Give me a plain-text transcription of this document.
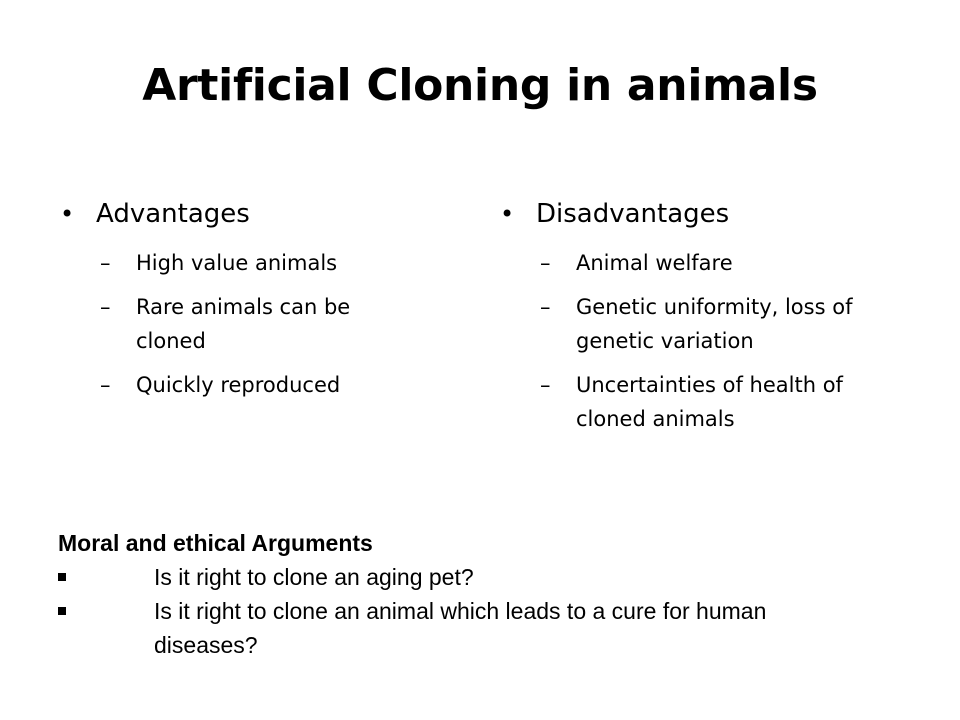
Artificial Cloning in animals
• Advantages
– High value animals
– Rare animals can be cloned
– Quickly reproduced
• Disadvantages
– Animal welfare
– Genetic uniformity, loss of genetic variation
– Uncertainties of health of cloned animals
Moral and ethical Arguments
Is it right to clone an aging pet?
Is it right to clone an animal which leads to a cure for human diseases?
